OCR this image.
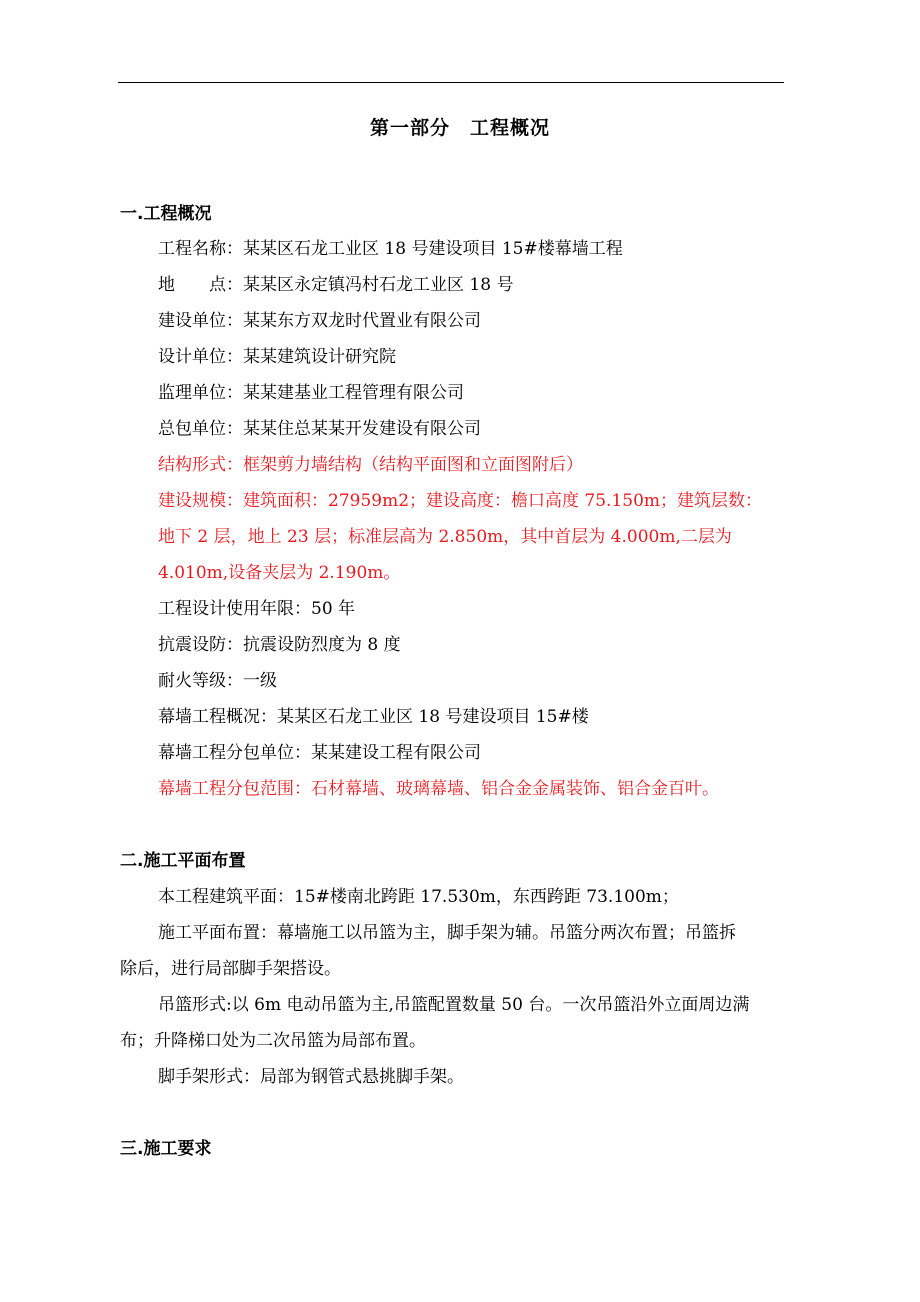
第一部分　工程概况
一.工程概况
工程名称：某某区石龙工业区 18 号建设项目 15#楼幕墙工程
地　　点：某某区永定镇冯村石龙工业区 18 号
建设单位：某某东方双龙时代置业有限公司
设计单位：某某建筑设计研究院
监理单位：某某建基业工程管理有限公司
总包单位：某某住总某某开发建设有限公司
结构形式：框架剪力墙结构（结构平面图和立面图附后）
建设规模：建筑面积：27959m2；建设高度：檐口高度 75.150m；建筑层数：
地下 2 层，地上 23 层；标准层高为 2.850m，其中首层为 4.000m,二层为
4.010m,设备夹层为 2.190m。
工程设计使用年限：50 年
抗震设防：抗震设防烈度为 8 度
耐火等级：一级
幕墙工程概况：某某区石龙工业区 18 号建设项目 15#楼
幕墙工程分包单位：某某建设工程有限公司
幕墙工程分包范围：石材幕墙、玻璃幕墙、铝合金金属装饰、铝合金百叶。
二.施工平面布置
本工程建筑平面：15#楼南北跨距 17.530m，东西跨距 73.100m；
施工平面布置：幕墙施工以吊篮为主，脚手架为辅。吊篮分两次布置；吊篮拆
除后，进行局部脚手架搭设。
吊篮形式:以 6m 电动吊篮为主,吊篮配置数量 50 台。一次吊篮沿外立面周边满
布；升降梯口处为二次吊篮为局部布置。
脚手架形式：局部为钢管式悬挑脚手架。
三.施工要求
